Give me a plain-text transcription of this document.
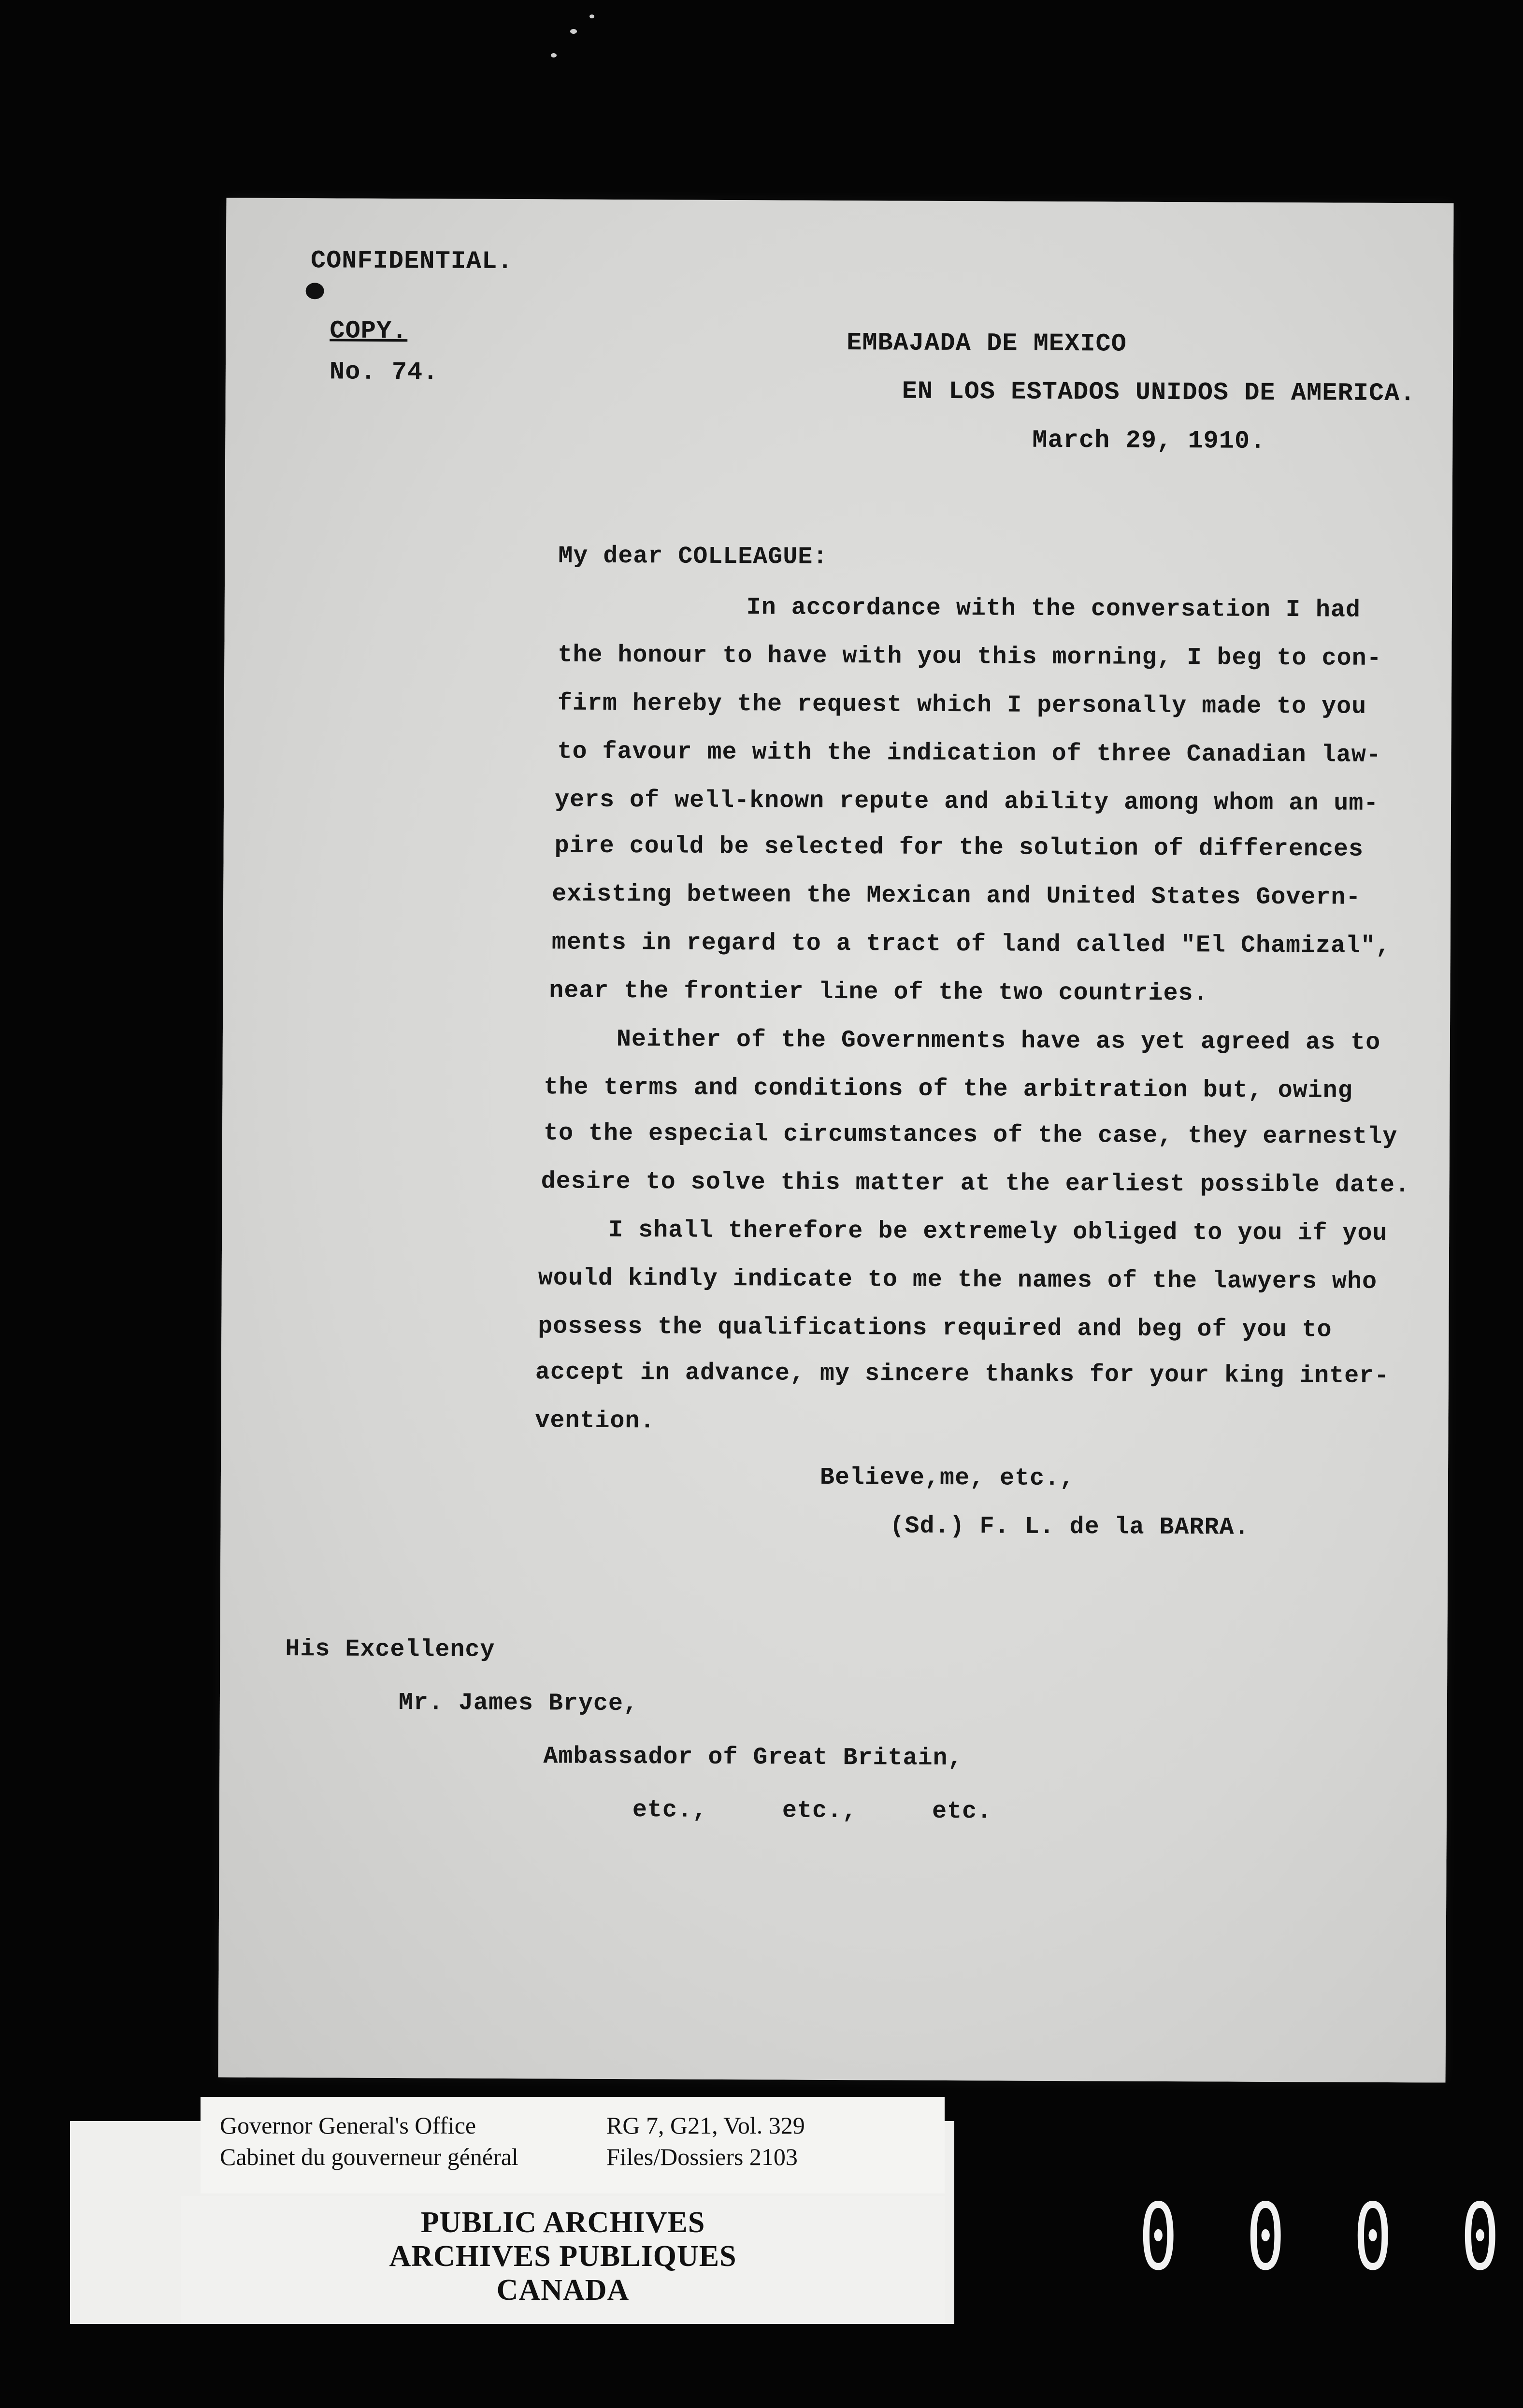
CONFIDENTIAL.
COPY.
No. 74.
EMBAJADA DE MEXICO
EN LOS ESTADOS UNIDOS DE AMERICA.
March 29, 1910.
My dear COLLEAGUE:
In accordance with the conversation I had
the honour to have with you this morning, I beg to con-
firm hereby the request which I personally made to you
to favour me with the indication of three Canadian law-
yers of well-known repute and ability among whom an um-
pire could be selected for the solution of differences
existing between the Mexican and United States Govern-
ments in regard to a tract of land called "El Chamizal",
near the frontier line of the two countries.
Neither of the Governments have as yet agreed as to
the terms and conditions of the arbitration but, owing
to the especial circumstances of the case, they earnestly
desire to solve this matter at the earliest possible date.
I shall therefore be extremely obliged to you if you
would kindly indicate to me the names of the lawyers who
possess the qualifications required and beg of you to
accept in advance, my sincere thanks for your king inter-
vention.
Believe,me, etc.,
(Sd.) F. L. de la BARRA.
His Excellency
Mr. James Bryce,
Ambassador of Great Britain,
etc.,     etc.,     etc.
Governor General's Office
Cabinet du gouverneur général
RG 7, G21, Vol. 329
Files/Dossiers 2103
PUBLIC ARCHIVES
ARCHIVES PUBLIQUES
CANADA	0 0 0 0
